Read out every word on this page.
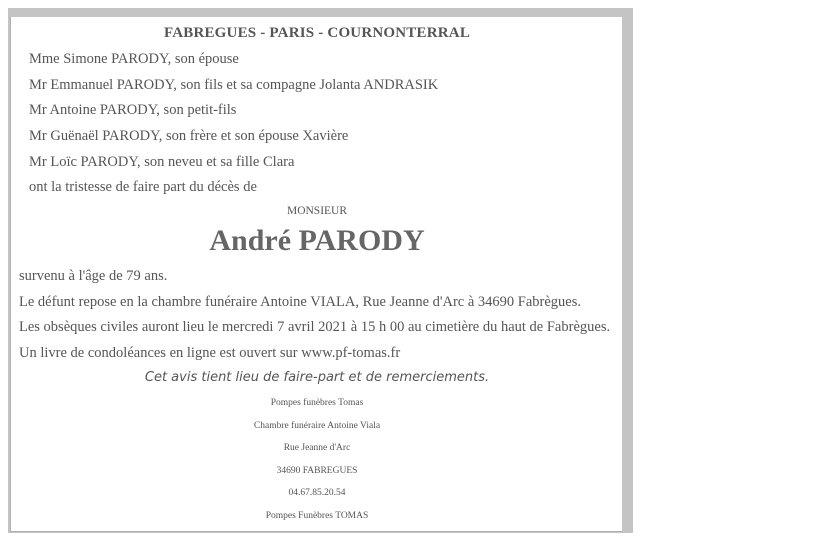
FABREGUES - PARIS - COURNONTERRAL
Mme Simone PARODY, son épouse
Mr Emmanuel PARODY, son fils et sa compagne Jolanta ANDRASIK
Mr Antoine PARODY, son petit-fils
Mr Guënaël PARODY, son frère et son épouse Xavière
Mr Loïc PARODY, son neveu et sa fille Clara
ont la tristesse de faire part du décès de
MONSIEUR
André PARODY
survenu à l'âge de 79 ans.
Le défunt repose en la chambre funéraire Antoine VIALA, Rue Jeanne d'Arc à 34690 Fabrègues.
Les obsèques civiles auront lieu le mercredi 7 avril 2021 à 15 h 00 au cimetière du haut de Fabrègues.
Un livre de condoléances en ligne est ouvert sur www.pf-tomas.fr
Cet avis tient lieu de faire-part et de remerciements.
Pompes funèbres Tomas
Chambre funéraire Antoine Viala
Rue Jeanne d'Arc
34690 FABREGUES
04.67.85.20.54
Pompes Funèbres TOMAS
